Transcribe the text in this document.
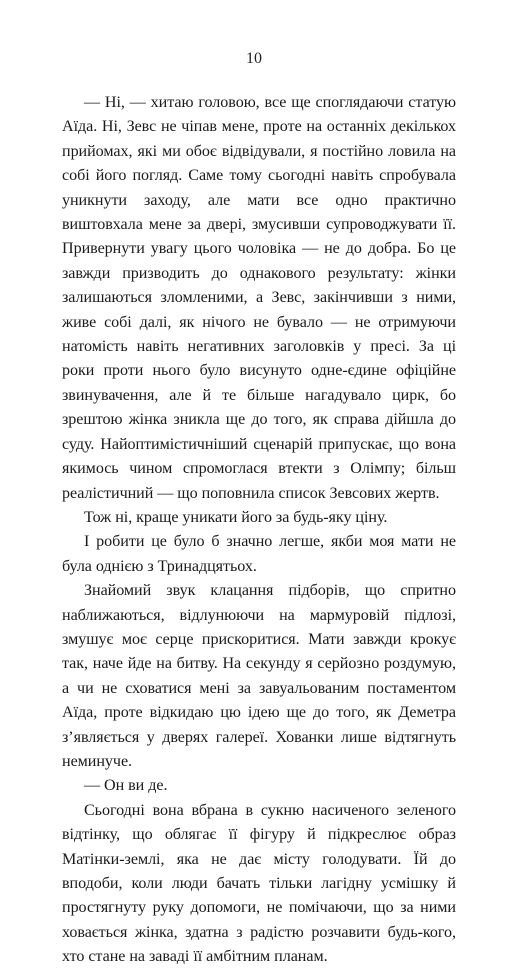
10

— Ні, — хитаю головою, все ще споглядаючи статую Аїда. Ні, Зевс не чіпав мене, проте на останніх декількох прийомах, які ми обоє відвідували, я постійно ловила на собі його погляд. Саме тому сьогодні навіть спробувала уникнути заходу, але мати все одно практично виштовхала мене за двері, змусивши супроводжувати її. Привернути увагу цього чоловіка — не до добра. Бо це завжди призводить до однакового результату: жінки залишаються зломленими, а Зевс, закінчивши з ними, живе собі далі, як нічого не бувало — не отримуючи натомість навіть негативних заголовків у пресі. За ці роки проти нього було висунуто одне-єдине офіційне звинувачення, але й те більше нагадувало цирк, бо зрештою жінка зникла ще до того, як справа дійшла до суду. Найоптимістичніший сценарій припускає, що вона якимось чином спромоглася втекти з Олімпу; більш реалістичний — що поповнила список Зевсових жертв.

Тож ні, краще уникати його за будь-яку ціну.

І робити це було б значно легше, якби моя мати не була однією з Тринадцятьох.

Знайомий звук клацання підборів, що спритно наближаються, відлунюючи на мармуровій підлозі, змушує моє серце прискоритися. Мати завжди крокує так, наче йде на битву. На секунду я серйозно роздумую, а чи не сховатися мені за завуальованим постаментом Аїда, проте відкидаю цю ідею ще до того, як Деметра з’являється у дверях галереї. Хованки лише відтягнуть неминуче.

— Он ви де.

Сьогодні вона вбрана в сукню насиченого зеленого відтінку, що облягає її фігуру й підкреслює образ Матінки-землі, яка не дає місту голодувати. Їй до вподоби, коли люди бачать тільки лагідну усмішку й простягнуту руку допомоги, не помічаючи, що за ними ховається жінка, здатна з радістю розчавити будь-кого, хто стане на заваді її амбітним планам.
